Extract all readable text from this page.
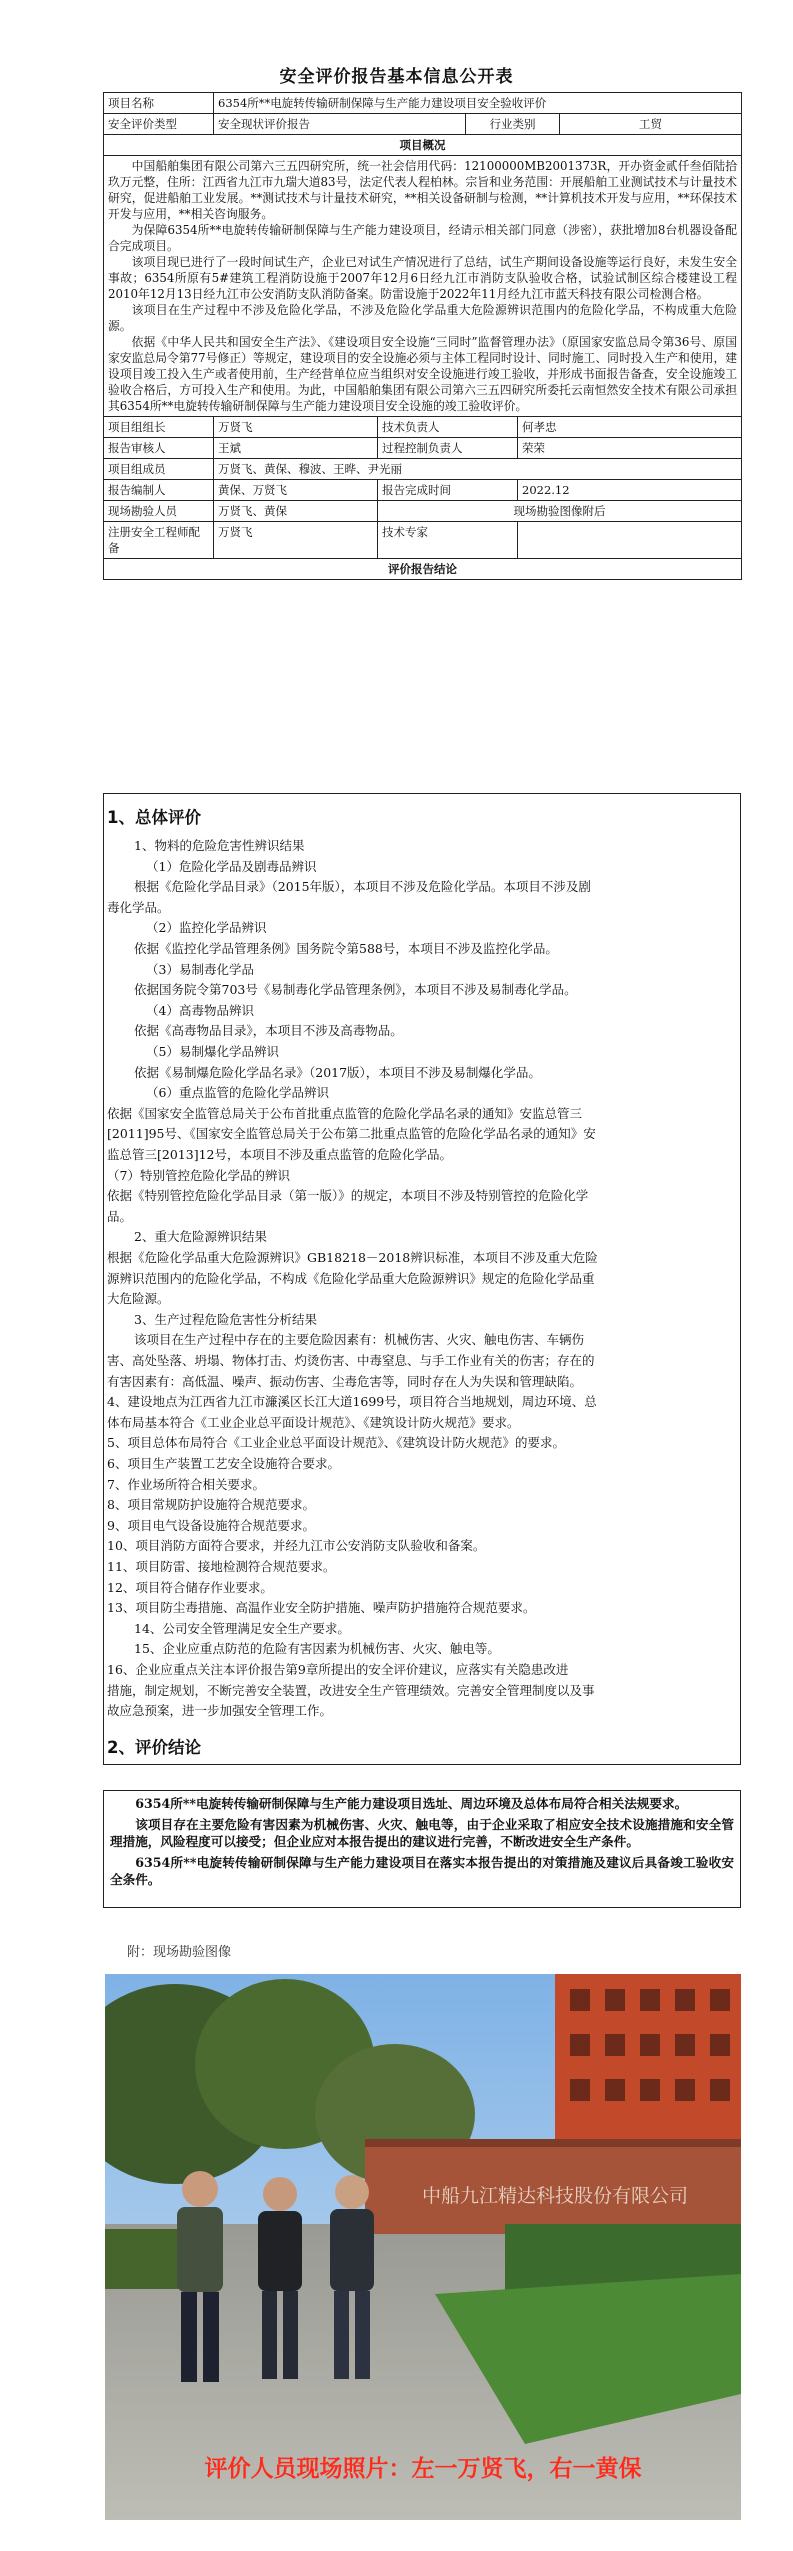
安全评价报告基本信息公开表
项目名称	6354所**电旋转传输研制保障与生产能力建设项目安全验收评价				
安全评价类型	安全现状评价报告		行业类别		工贸
项目概况					

中国船舶集团有限公司第六三五四研究所，统一社会信用代码：12100000MB2001373R，开办资金贰仟叁佰陆拾玖万元整，住所：江西省九江市九瑞大道83号，法定代表人程柏林。宗旨和业务范围：开展船舶工业测试技术与计量技术研究，促进船舶工业发展。**测试技术与计量技术研究，**相关设备研制与检测，**计算机技术开发与应用，**环保技术开发与应用，**相关咨询服务。

为保障6354所**电旋转传输研制保障与生产能力建设项目，经请示相关部门同意（涉密），获批增加8台机器设备配合完成项目。

该项目现已进行了一段时间试生产，企业已对试生产情况进行了总结，试生产期间设备设施等运行良好，未发生安全事故；6354所原有5#建筑工程消防设施于2007年12月6日经九江市消防支队验收合格，试验试制区综合楼建设工程2010年12月13日经九江市公安消防支队消防备案。防雷设施于2022年11月经九江市蓝天科技有限公司检测合格。

该项目在生产过程中不涉及危险化学品，不涉及危险化学品重大危险源辨识范围内的危险化学品，不构成重大危险源。

依据《中华人民共和国安全生产法》、《建设项目安全设施“三同时”监督管理办法》（原国家安监总局令第36号、原国家安监总局令第77号修正）等规定，建设项目的安全设施必须与主体工程同时设计、同时施工、同时投入生产和使用，建设项目竣工投入生产或者使用前，生产经营单位应当组织对安全设施进行竣工验收，并形成书面报告备查，安全设施竣工验收合格后，方可投入生产和使用。为此，中国船舶集团有限公司第六三五四研究所委托云南恒然安全技术有限公司承担其6354所**电旋转传输研制保障与生产能力建设项目安全设施的竣工验收评价。					

项目组组长	万贤飞	技术负责人		何孝忠	
报告审核人	王斌	过程控制负责人		荣荣	
项目组成员	万贤飞、黄保、穆波、王晔、尹光丽				
报告编制人	黄保、万贤飞	报告完成时间		2022.12	
现场勘验人员	万贤飞、黄保	现场勘验图像附后			
注册安全工程师配备	万贤飞	技术专家			
评价报告结论					
1、总体评价
2、评价结论
1、物料的危险危害性辨识结果
（1）危险化学品及剧毒品辨识
根据《危险化学品目录》（2015年版），本项目不涉及危险化学品。本项目不涉及剧
毒化学品。
（2）监控化学品辨识
依据《监控化学品管理条例》国务院令第588号，本项目不涉及监控化学品。
（3）易制毒化学品
依据国务院令第703号《易制毒化学品管理条例》，本项目不涉及易制毒化学品。
（4）高毒物品辨识
依据《高毒物品目录》，本项目不涉及高毒物品。
（5）易制爆化学品辨识
依据《易制爆危险化学品名录》（2017版），本项目不涉及易制爆化学品。
（6）重点监管的危险化学品辨识
依据《国家安全监管总局关于公布首批重点监管的危险化学品名录的通知》安监总管三
[2011]95号、《国家安全监管总局关于公布第二批重点监管的危险化学品名录的通知》安
监总管三[2013]12号，本项目不涉及重点监管的危险化学品。
（7）特别管控危险化学品的辨识
依据《特别管控危险化学品目录（第一版）》的规定，本项目不涉及特别管控的危险化学
品。
2、重大危险源辨识结果
根据《危险化学品重大危险源辨识》GB18218－2018辨识标准，本项目不涉及重大危险
源辨识范围内的危险化学品，不构成《危险化学品重大危险源辨识》规定的危险化学品重
大危险源。
3、生产过程危险危害性分析结果
该项目在生产过程中存在的主要危险因素有：机械伤害、火灾、触电伤害、车辆伤
害、高处坠落、坍塌、物体打击、灼烫伤害、中毒窒息、与手工作业有关的伤害；存在的
有害因素有：高低温、噪声、振动伤害、尘毒危害等，同时存在人为失误和管理缺陷。
4、建设地点为江西省九江市濂溪区长江大道1699号，项目符合当地规划，周边环境、总
体布局基本符合《工业企业总平面设计规范》、《建筑设计防火规范》要求。
5、项目总体布局符合《工业企业总平面设计规范》、《建筑设计防火规范》的要求。
6、项目生产装置工艺安全设施符合要求。
7、作业场所符合相关要求。
8、项目常规防护设施符合规范要求。
9、项目电气设备设施符合规范要求。
10、项目消防方面符合要求，并经九江市公安消防支队验收和备案。
11、项目防雷、接地检测符合规范要求。
12、项目符合储存作业要求。
13、项目防尘毒措施、高温作业安全防护措施、噪声防护措施符合规范要求。
14、公司安全管理满足安全生产要求。
15、企业应重点防范的危险有害因素为机械伤害、火灾、触电等。
16、企业应重点关注本评价报告第9章所提出的安全评价建议，应落实有关隐患改进
措施，制定规划，不断完善安全装置，改进安全生产管理绩效。完善安全管理制度以及事
故应急预案，进一步加强安全管理工作。

6354所**电旋转传输研制保障与生产能力建设项目选址、周边环境及总体布局符合相关法规要求。

该项目存在主要危险有害因素为机械伤害、火灾、触电等，由于企业采取了相应安全技术设施措施和安全管理措施，风险程度可以接受；但企业应对本报告提出的建议进行完善，不断改进安全生产条件。

6354所**电旋转传输研制保障与生产能力建设项目在落实本报告提出的对策措施及建议后具备竣工验收安全条件。

附：现场勘验图像
中船九江精达科技股份有限公司
评价人员现场照片：左一万贤飞，右一黄保
